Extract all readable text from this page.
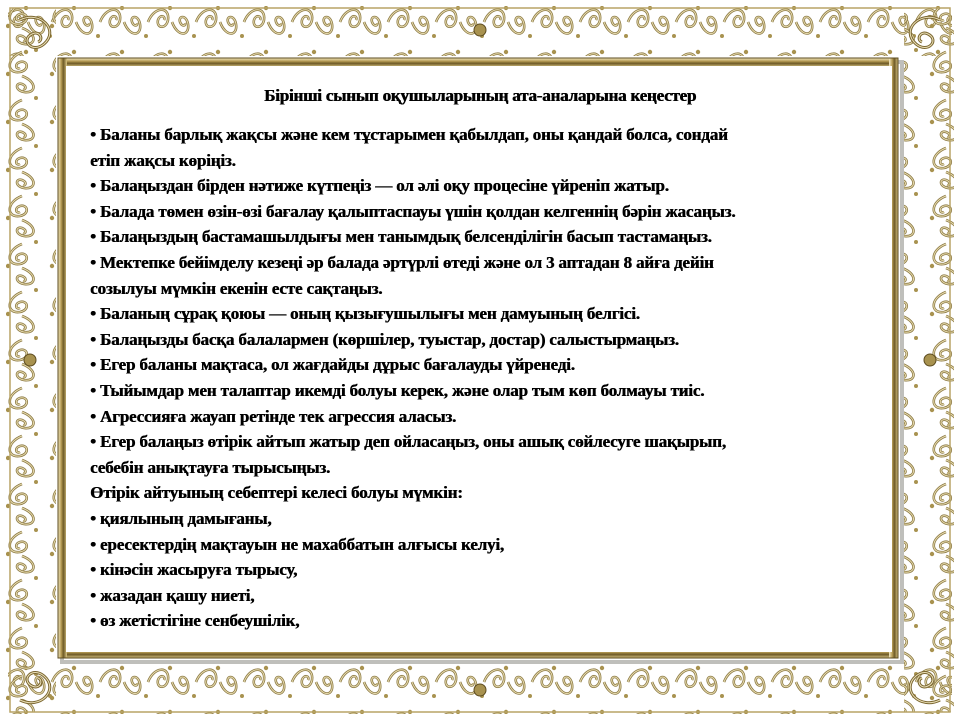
Бірінші сынып оқушыларының ата-аналарына кеңестер
• Баланы барлық жақсы және кем тұстарымен қабылдап, оны қандай болса, сондай
етіп жақсы көріңіз.
• Балаңыздан бірден нәтиже күтпеңіз — ол әлі оқу процесіне үйреніп жатыр.
• Балада төмен өзін-өзі бағалау қалыптаспауы үшін қолдан келгеннің бәрін жасаңыз.
• Балаңыздың бастамашылдығы мен танымдық белсенділігін басып тастамаңыз.
• Мектепке бейімделу кезеңі әр балада әртүрлі өтеді және ол 3 аптадан 8 айға дейін
созылуы мүмкін екенін есте сақтаңыз.
• Баланың сұрақ қоюы — оның қызығушылығы мен дамуының белгісі.
• Балаңызды басқа балалармен (көршілер, туыстар, достар) салыстырмаңыз.
• Егер баланы мақтаса, ол жағдайды дұрыс бағалауды үйренеді.
• Тыйымдар мен талаптар икемді болуы керек, және олар тым көп болмауы тиіс.
• Агрессияға жауап ретінде тек агрессия аласыз.
• Егер балаңыз өтірік айтып жатыр деп ойласаңыз, оны ашық сөйлесуге шақырып,
себебін анықтауға тырысыңыз.
Өтірік айтуының себептері келесі болуы мүмкін:
• қиялының дамығаны,
• ересектердің мақтауын не махаббатын алғысы келуі,
• кінәсін жасыруға тырысу,
• жазадан қашу ниеті,
• өз жетістігіне сенбеушілік,
